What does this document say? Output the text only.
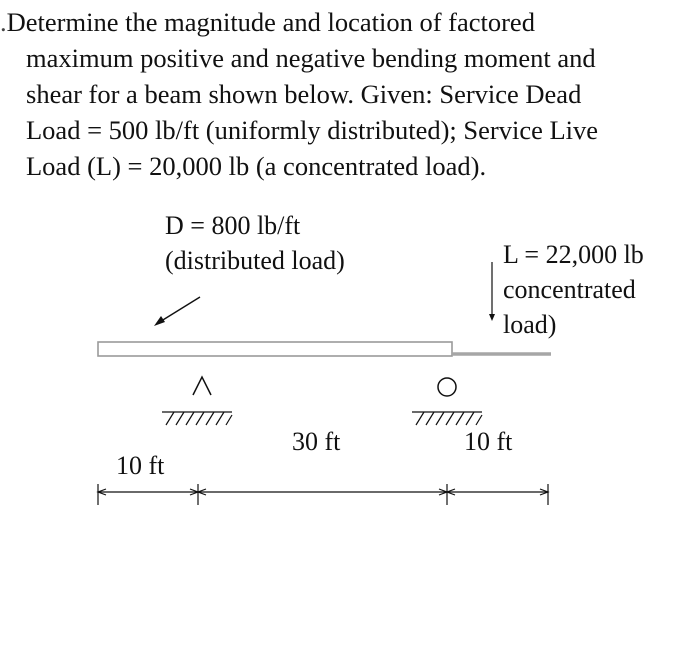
.Determine the magnitude and location of factored
maximum positive and negative bending moment and
shear for a beam shown below. Given: Service Dead
Load = 500 lb/ft (uniformly distributed); Service Live
Load (L) = 20,000 lb (a concentrated load).
D = 800 lb/ft
(distributed load)	L = 22,000 lb
concentrated
load)
30 ft	10 ft
10 ft
